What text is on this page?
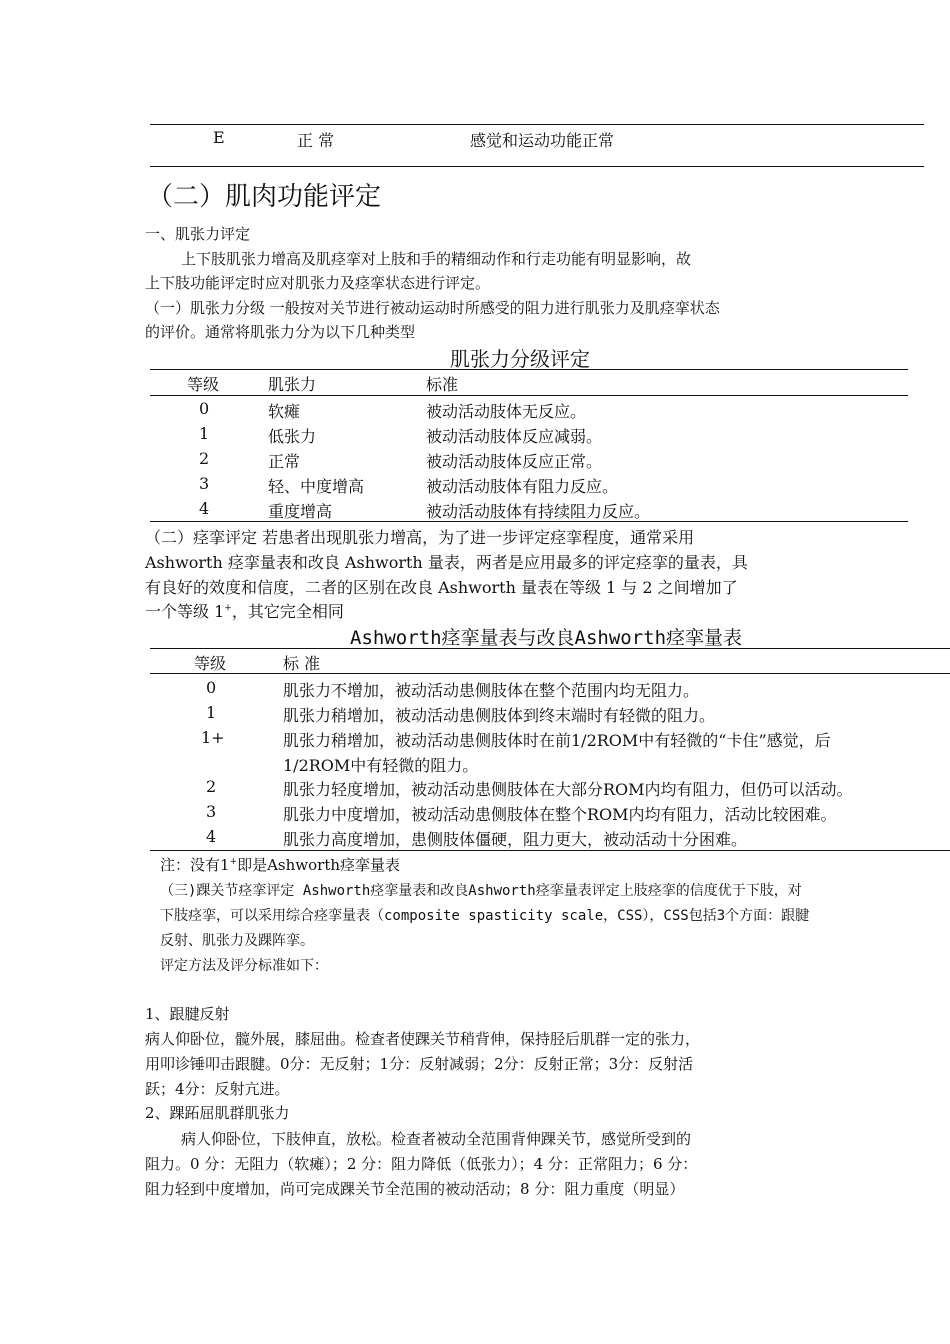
E	正 常	感觉和运动功能正常
（二）肌肉功能评定
一、肌张力评定
上下肢肌张力增高及肌痉挛对上肢和手的精细动作和行走功能有明显影响，故
上下肢功能评定时应对肌张力及痉挛状态进行评定。
（一）肌张力分级 一般按对关节进行被动运动时所感受的阻力进行肌张力及肌痉挛状态
的评价。通常将肌张力分为以下几种类型
肌张力分级评定
等级	肌张力	标准
0	软瘫	被动活动肢体无反应。
1	低张力	被动活动肢体反应减弱。
2	正常	被动活动肢体反应正常。
3	轻、中度增高	被动活动肢体有阻力反应。
4	重度增高	被动活动肢体有持续阻力反应。
（二）痉挛评定 若患者出现肌张力增高，为了进一步评定痉挛程度，通常采用
Ashworth 痉挛量表和改良 Ashworth 量表，两者是应用最多的评定痉挛的量表，具
有良好的效度和信度，二者的区别在改良 Ashworth 量表在等级 1 与 2 之间增加了
一个等级 1+，其它完全相同
Ashworth痉挛量表与改良Ashworth痉挛量表
等级	标 准
0	肌张力不增加，被动活动患侧肢体在整个范围内均无阻力。
1	肌张力稍增加，被动活动患侧肢体到终末端时有轻微的阻力。
1+	肌张力稍增加，被动活动患侧肢体时在前1/2ROM中有轻微的“卡住”感觉，后
1/2ROM中有轻微的阻力。
2	肌张力轻度增加，被动活动患侧肢体在大部分ROM内均有阻力，但仍可以活动。
3	肌张力中度增加，被动活动患侧肢体在整个ROM内均有阻力，活动比较困难。
4	肌张力高度增加，患侧肢体僵硬，阻力更大，被动活动十分困难。
注：没有1+即是Ashworth痉挛量表
（三)踝关节痉挛评定 Ashworth痉挛量表和改良Ashworth痉挛量表评定上肢痉挛的信度优于下肢，对
下肢痉挛，可以采用综合痉挛量表（composite spasticity scale，CSS），CSS包括3个方面：跟腱
反射、肌张力及踝阵挛。
评定方法及评分标准如下：
1、跟腱反射
病人仰卧位，髋外展，膝屈曲。检查者使踝关节稍背伸，保持胫后肌群一定的张力，
用叩诊锤叩击跟腱。0分：无反射；1分：反射减弱；2分：反射正常；3分：反射活
跃；4分：反射亢进。
2、踝跖屈肌群肌张力
病人仰卧位，下肢伸直，放松。检查者被动全范围背伸踝关节，感觉所受到的
阻力。0 分：无阻力（软瘫）；2 分：阻力降低（低张力）；4 分：正常阻力；6 分：
阻力轻到中度增加，尚可完成踝关节全范围的被动活动；8 分：阻力重度（明显）
